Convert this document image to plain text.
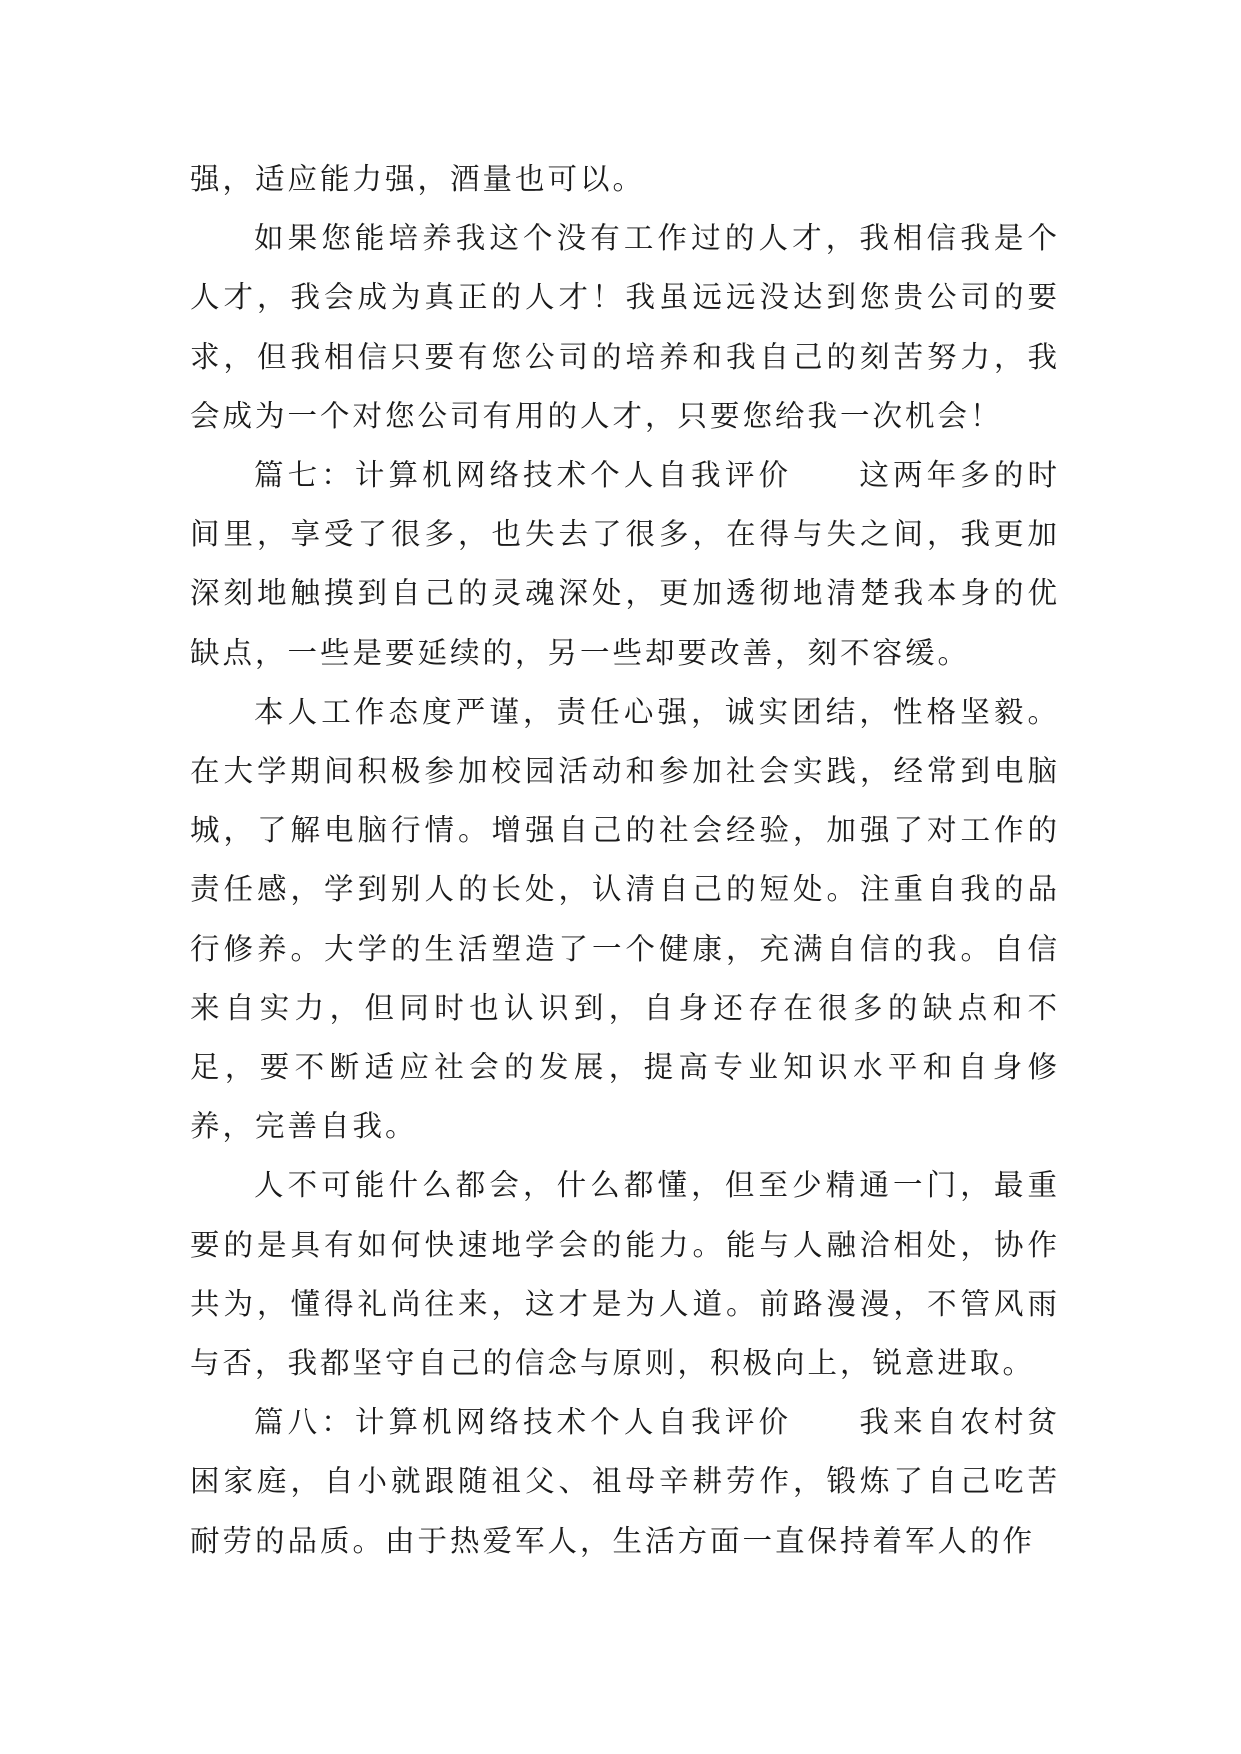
强，适应能力强，酒量也可以。

如果您能培养我这个没有工作过的人才，我相信我是个人才，我会成为真正的人才！我虽远远没达到您贵公司的要求，但我相信只要有您公司的培养和我自己的刻苦努力，我会成为一个对您公司有用的人才，只要您给我一次机会！

篇七：计算机网络技术个人自我评价　　这两年多的时间里，享受了很多，也失去了很多，在得与失之间，我更加深刻地触摸到自己的灵魂深处，更加透彻地清楚我本身的优缺点，一些是要延续的，另一些却要改善，刻不容缓。

本人工作态度严谨，责任心强，诚实团结，性格坚毅。在大学期间积极参加校园活动和参加社会实践，经常到电脑城，了解电脑行情。增强自己的社会经验，加强了对工作的责任感，学到别人的长处，认清自己的短处。注重自我的品行修养。大学的生活塑造了一个健康，充满自信的我。自信来自实力，但同时也认识到，自身还存在很多的缺点和不足，要不断适应社会的发展，提高专业知识水平和自身修养，完善自我。

人不可能什么都会，什么都懂，但至少精通一门，最重要的是具有如何快速地学会的能力。能与人融洽相处，协作共为，懂得礼尚往来，这才是为人道。前路漫漫，不管风雨与否，我都坚守自己的信念与原则，积极向上，锐意进取。

篇八：计算机网络技术个人自我评价　　我来自农村贫困家庭，自小就跟随祖父、祖母辛耕劳作，锻炼了自己吃苦耐劳的品质。由于热爱军人，生活方面一直保持着军人的作
